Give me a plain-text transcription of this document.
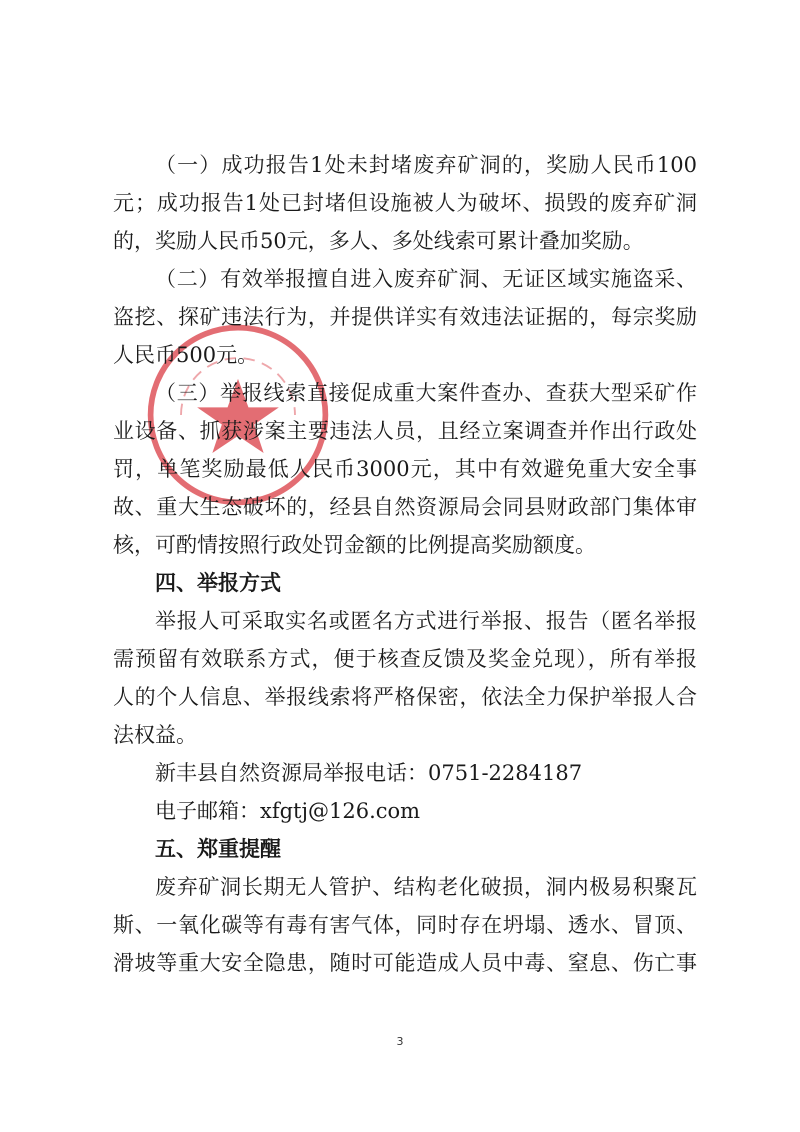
（一）成功报告1处未封堵废弃矿洞的，奖励人民币100
元；成功报告1处已封堵但设施被人为破坏、损毁的废弃矿洞
的，奖励人民币50元，多人、多处线索可累计叠加奖励。
（二）有效举报擅自进入废弃矿洞、无证区域实施盗采、
盗挖、探矿违法行为，并提供详实有效违法证据的，每宗奖励
人民币500元。
（三）举报线索直接促成重大案件查办、查获大型采矿作
业设备、抓获涉案主要违法人员，且经立案调查并作出行政处
罚，单笔奖励最低人民币3000元，其中有效避免重大安全事
故、重大生态破坏的，经县自然资源局会同县财政部门集体审
核，可酌情按照行政处罚金额的比例提高奖励额度。
四、举报方式
举报人可采取实名或匿名方式进行举报、报告（匿名举报
需预留有效联系方式，便于核查反馈及奖金兑现），所有举报
人的个人信息、举报线索将严格保密，依法全力保护举报人合
法权益。
新丰县自然资源局举报电话：0751-2284187
电子邮箱：xfgtj@126.com
五、郑重提醒
废弃矿洞长期无人管护、结构老化破损，洞内极易积聚瓦
斯、一氧化碳等有毒有害气体，同时存在坍塌、透水、冒顶、
滑坡等重大安全隐患，随时可能造成人员中毒、窒息、伤亡事
3
